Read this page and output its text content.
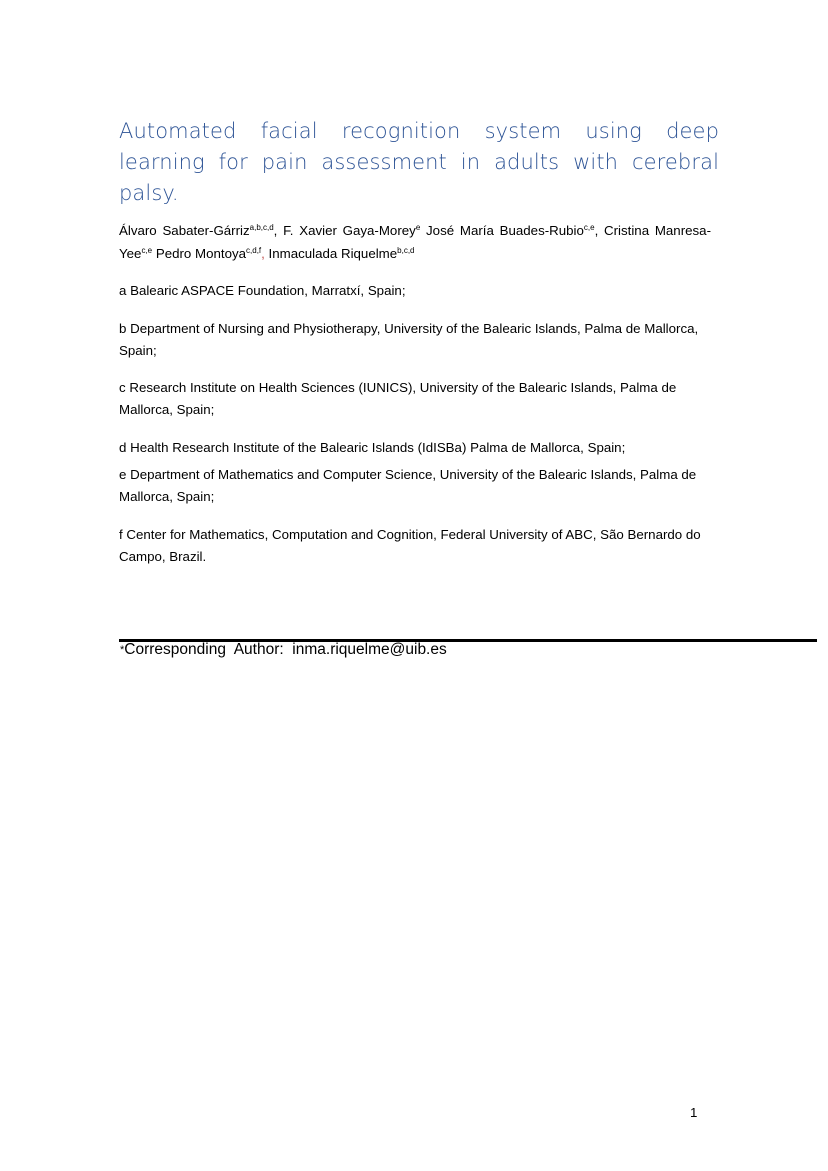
Automated facial recognition system using deep learning for pain assessment in adults with cerebral palsy.

Álvaro Sabater-Gárriz$^{a,b,c,d}$, F. Xavier Gaya-Morey$^e$ José María Buades-Rubio$^{c,e}$, Cristina Manresa-Yee$^{c,e}$ Pedro Montoya$^{c,d,f}$, Inmaculada Riquelme$^{b,c,d}$

a Balearic ASPACE Foundation, Marratxí, Spain;

b Department of Nursing and Physiotherapy, University of the Balearic Islands, Palma de Mallorca, Spain;

c Research Institute on Health Sciences (IUNICS), University of the Balearic Islands, Palma de Mallorca, Spain;

d Health Research Institute of the Balearic Islands (IdISBa) Palma de Mallorca, Spain;

e Department of Mathematics and Computer Science, University of the Balearic Islands, Palma de Mallorca, Spain;

f Center for Mathematics, Computation and Cognition, Federal University of ABC, São Bernardo do Campo, Brazil.

*Corresponding  Author:  inma.riquelme@uib.es

1
